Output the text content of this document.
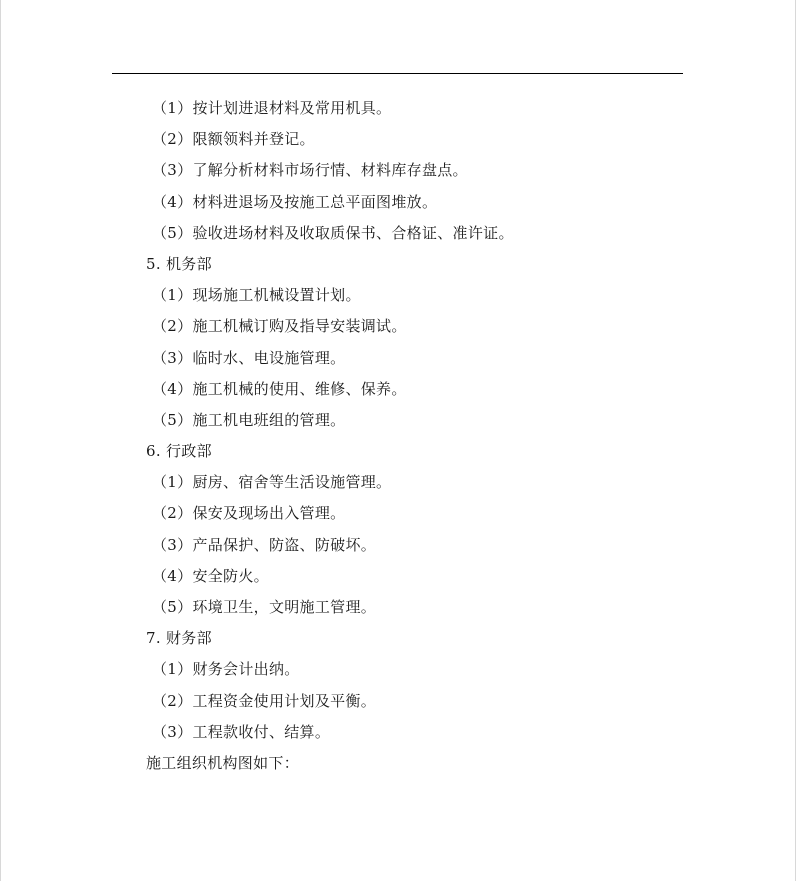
（1）按计划进退材料及常用机具。
（2）限额领料并登记。
（3）了解分析材料市场行情、材料库存盘点。
（4）材料进退场及按施工总平面图堆放。
（5）验收进场材料及收取质保书、合格证、准许证。
5. 机务部
（1）现场施工机械设置计划。
（2）施工机械订购及指导安装调试。
（3）临时水、电设施管理。
（4）施工机械的使用、维修、保养。
（5）施工机电班组的管理。
6. 行政部
（1）厨房、宿舍等生活设施管理。
（2）保安及现场出入管理。
（3）产品保护、防盗、防破坏。
（4）安全防火。
（5）环境卫生，文明施工管理。
7. 财务部
（1）财务会计出纳。
（2）工程资金使用计划及平衡。
（3）工程款收付、结算。
施工组织机构图如下：
